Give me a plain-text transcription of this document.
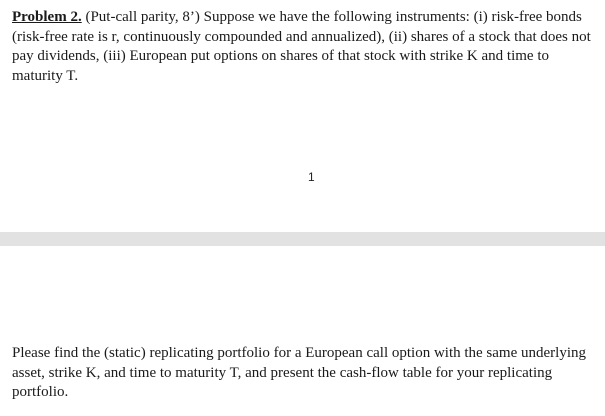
Problem 2. (Put-call parity, 8’) Suppose we have the following instruments: (i) risk-free bonds (risk-free rate is r, continuously compounded and annualized), (ii) shares of a stock that does not pay dividends, (iii) European put options on shares of that stock with strike K and time to maturity T.

1

Please find the (static) replicating portfolio for a European call option with the same underlying asset, strike K, and time to maturity T, and present the cash-flow table for your replicating portfolio.
